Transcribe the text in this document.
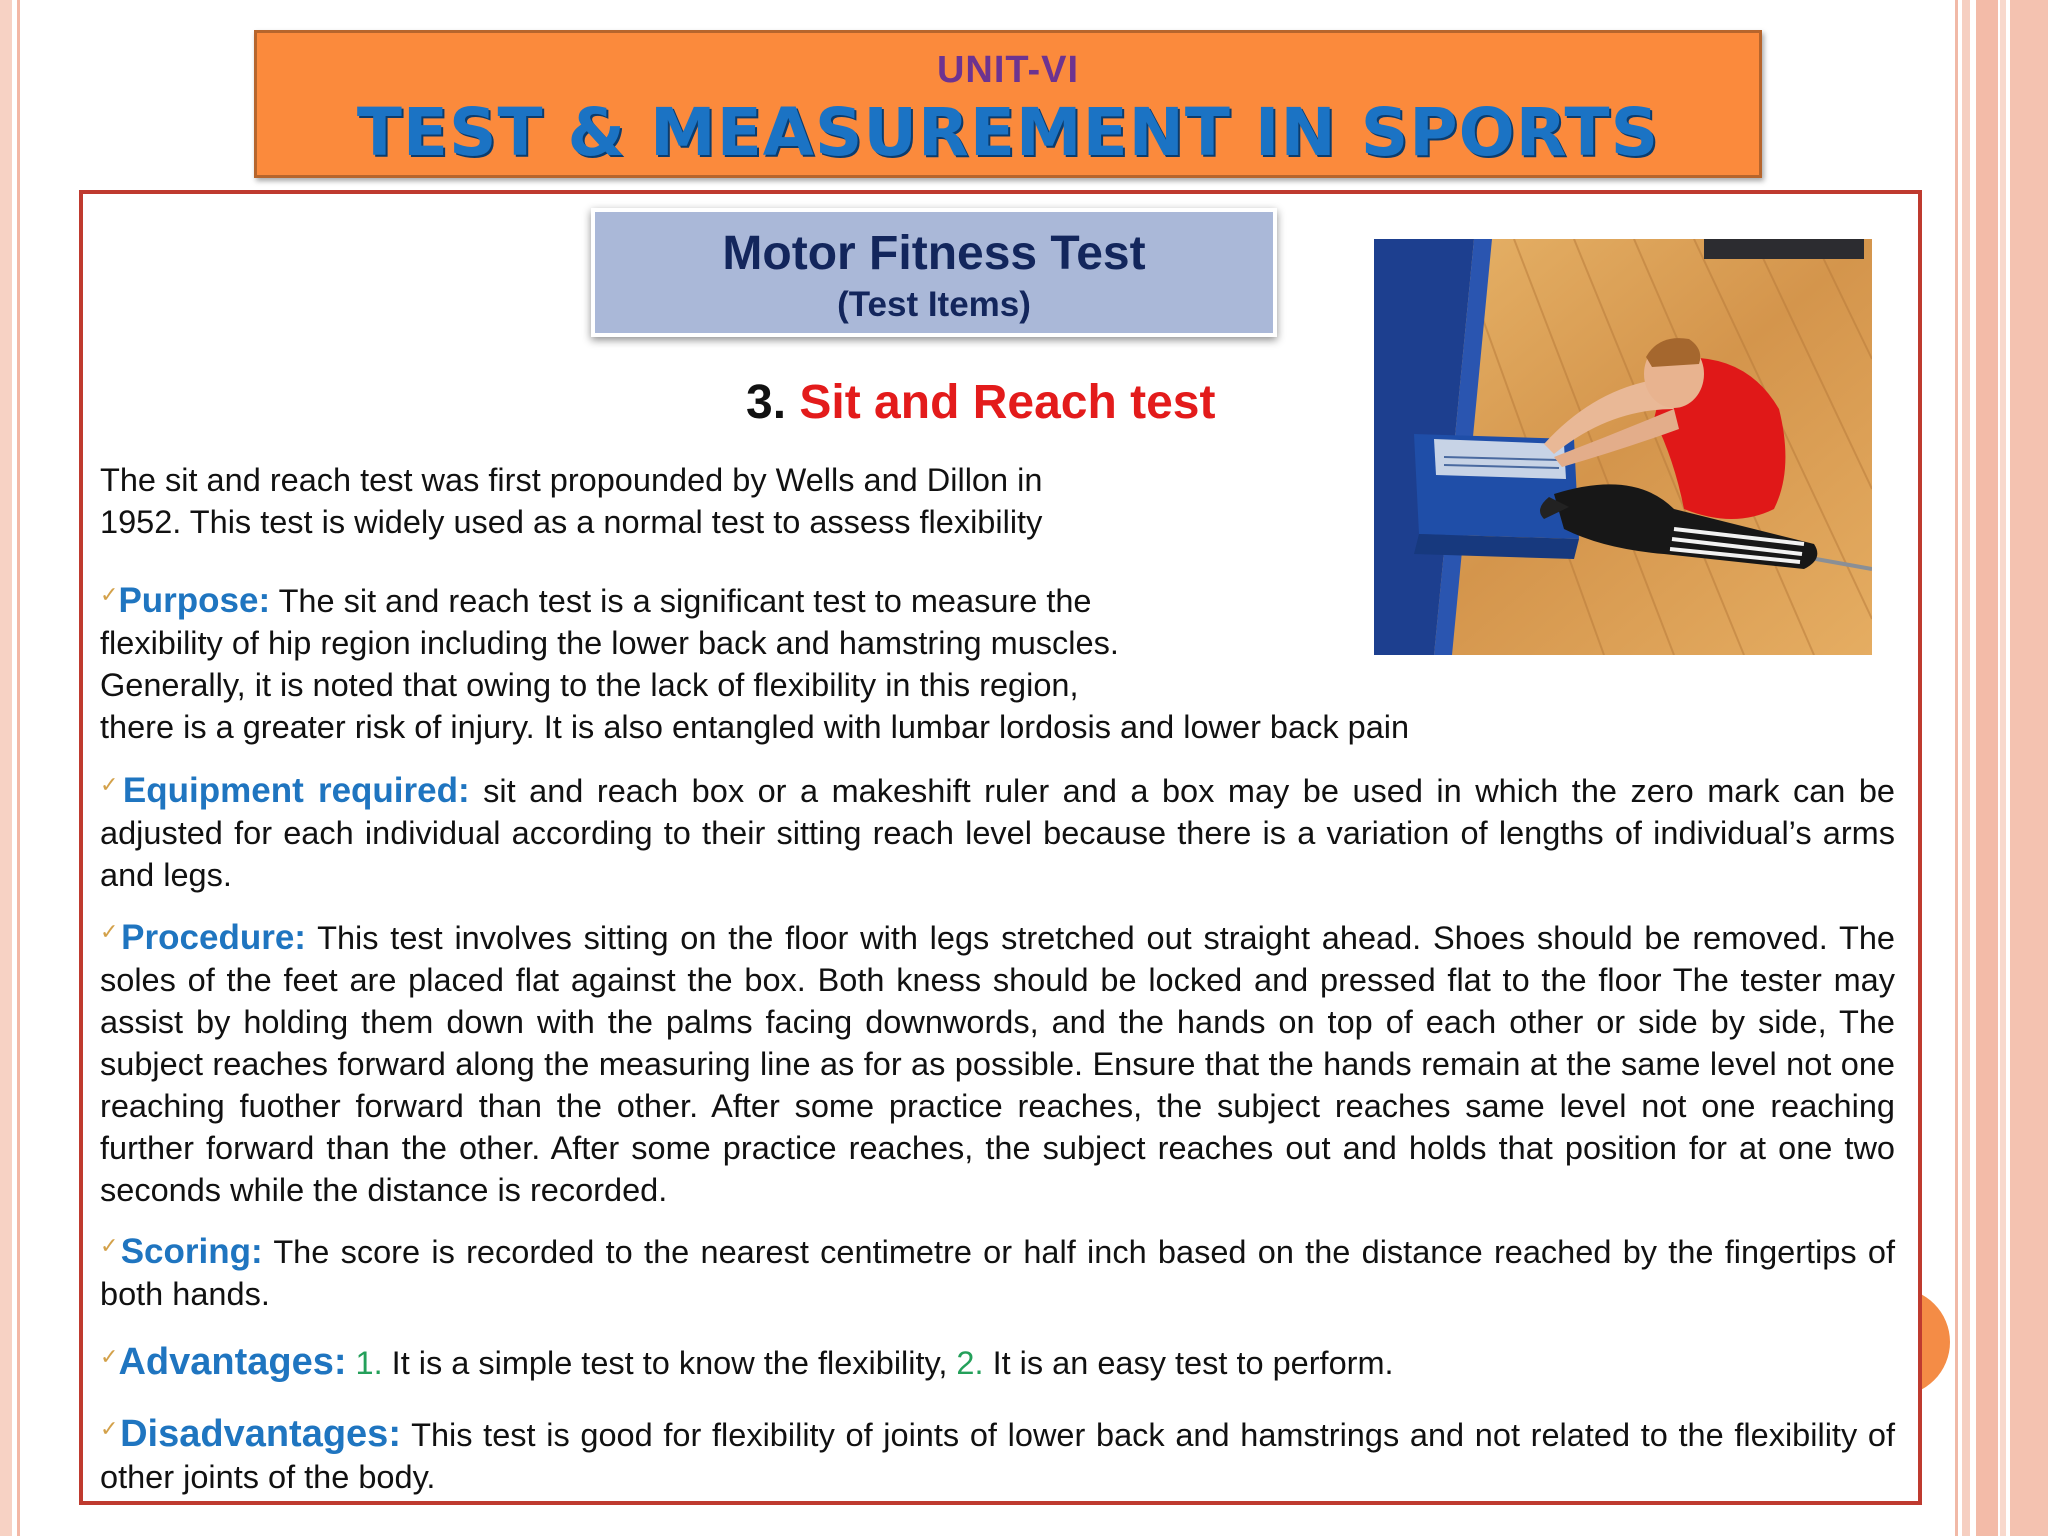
UNIT-VI
TEST & MEASUREMENT IN SPORTS
Motor Fitness Test
(Test Items)
3. Sit and Reach test
The sit and reach test was first propounded by Wells and Dillon in
1952. This test is widely used as a normal test to assess flexibility
✓Purpose: The sit and reach test is a significant test to measure the
flexibility of hip region including the lower back and hamstring muscles.
Generally, it is noted that owing to the lack of flexibility in this region,
there is a greater risk of injury. It is also entangled with lumbar lordosis and lower back pain
✓Equipment required: sit and reach box or a makeshift ruler and a box may be used in which the zero mark can be adjusted for each individual according to their sitting reach level because there is a variation of lengths of individual’s arms and legs.
✓Procedure: This test involves sitting on the floor with legs stretched out straight ahead. Shoes should be removed. The soles of the feet are placed flat against the box. Both kness should be locked and pressed flat to the floor The tester may assist by holding them down with the palms facing downwords, and the hands on top of each other or side by side, The subject reaches forward along the measuring line as for as possible. Ensure that the hands remain at the same level not one reaching fuother forward than the other. After some practice reaches, the subject reaches same level not one reaching further forward than the other. After some practice reaches, the subject reaches out and holds that position for at one two seconds while the distance is recorded.
✓Scoring: The score is recorded to the nearest centimetre or half inch based on the distance reached by the fingertips of both hands.
✓Advantages: 1. It is a simple test to know the flexibility, 2. It is an easy test to perform.
✓Disadvantages: This test is good for flexibility of joints of lower back and hamstrings and not related to the flexibility of other joints of the body.
